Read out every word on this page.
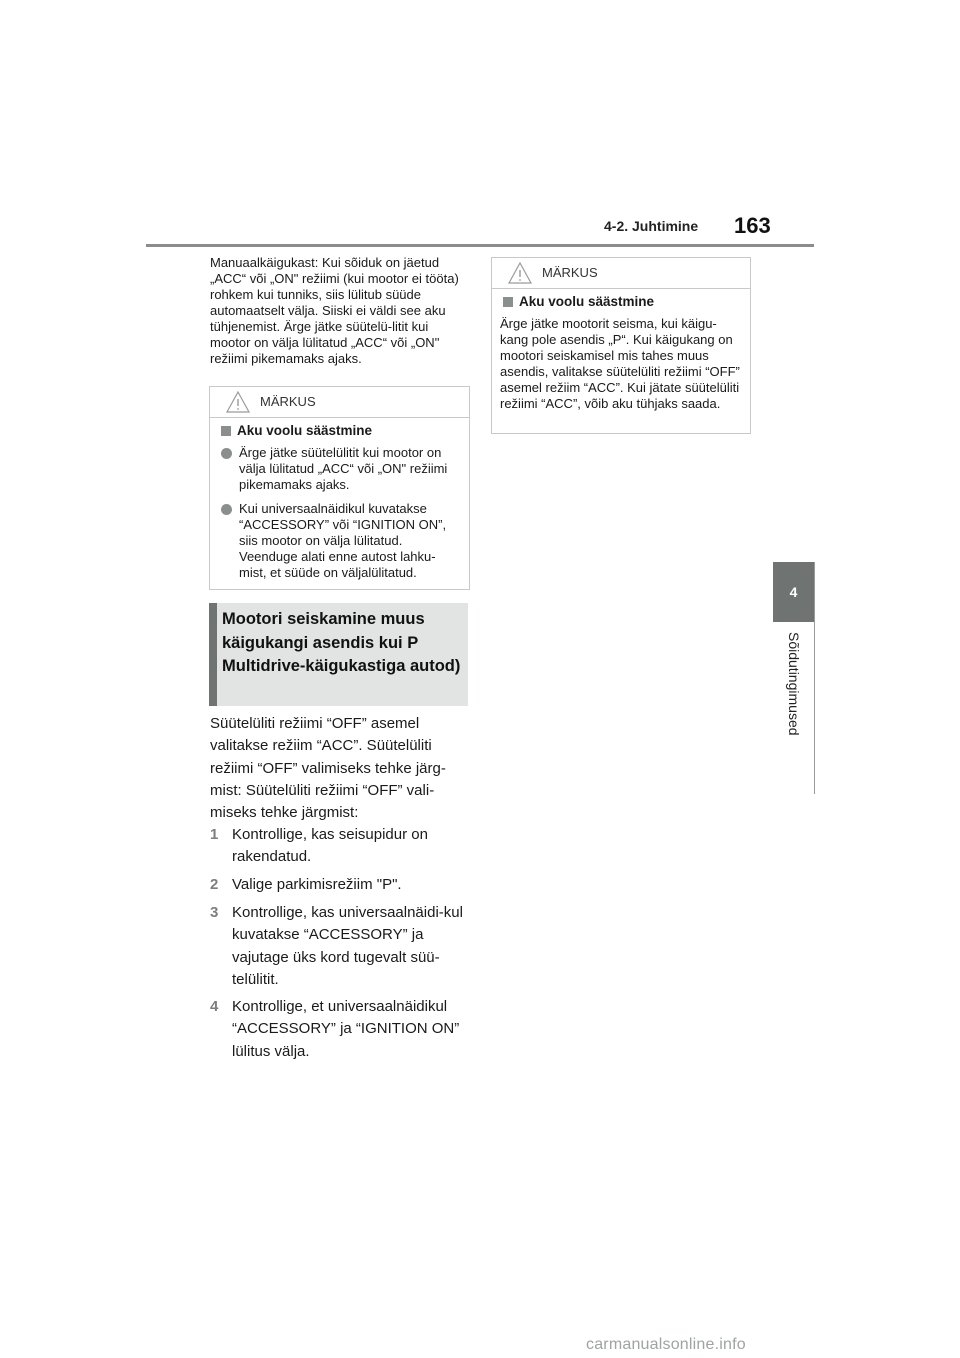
4-2. Juhtimine 163
4
Sõidutingimused
Manuaalkäigukast: Kui sõiduk on jäetud „ACC“ või „ON" režiimi (kui mootor ei tööta) rohkem kui tunniks, siis lülitub süüde automaatselt välja. Siiski ei väldi see aku tühjenemist. Ärge jätke süütelü-litit kui mootor on välja lülitatud „ACC“ või „ON" režiimi pikemamaks ajaks.
MÄRKUS
Aku voolu säästmine
Ärge jätke süütelülitit kui mootor on välja lülitatud „ACC“ või „ON" režiimi pikemamaks ajaks.
Kui universaalnäidikul kuvatakse “ACCESSORY” või “IGNITION ON”, siis mootor on välja lülitatud. Veenduge alati enne autost lahku-mist, et süüde on väljalülitatud.
Mootori seiskamine muus käigukangi asendis kui P Multidrive-käigukastiga autod)
Süütelüliti režiimi “OFF” asemel valitakse režiim “ACC”. Süütelüliti režiimi “OFF” valimiseks tehke järg-mist: Süütelüliti režiimi “OFF” vali-miseks tehke järgmist:
1 Kontrollige, kas seisupidur on rakendatud.
2 Valige parkimisrežiim "P".
3 Kontrollige, kas universaalnäidi-kul kuvatakse “ACCESSORY” ja vajutage üks kord tugevalt süü-telülitit.
4 Kontrollige, et universaalnäidikul “ACCESSORY” ja “IGNITION ON” lülitus välja.
MÄRKUS
Aku voolu säästmine
Ärge jätke mootorit seisma, kui käigu-kang pole asendis „P“. Kui käigukang on mootori seiskamisel mis tahes muus asendis, valitakse süütelüliti režiimi “OFF” asemel režiim “ACC”. Kui jätate süütelüliti režiimi “ACC”, võib aku tühjaks saada.
carmanualsonline.info
